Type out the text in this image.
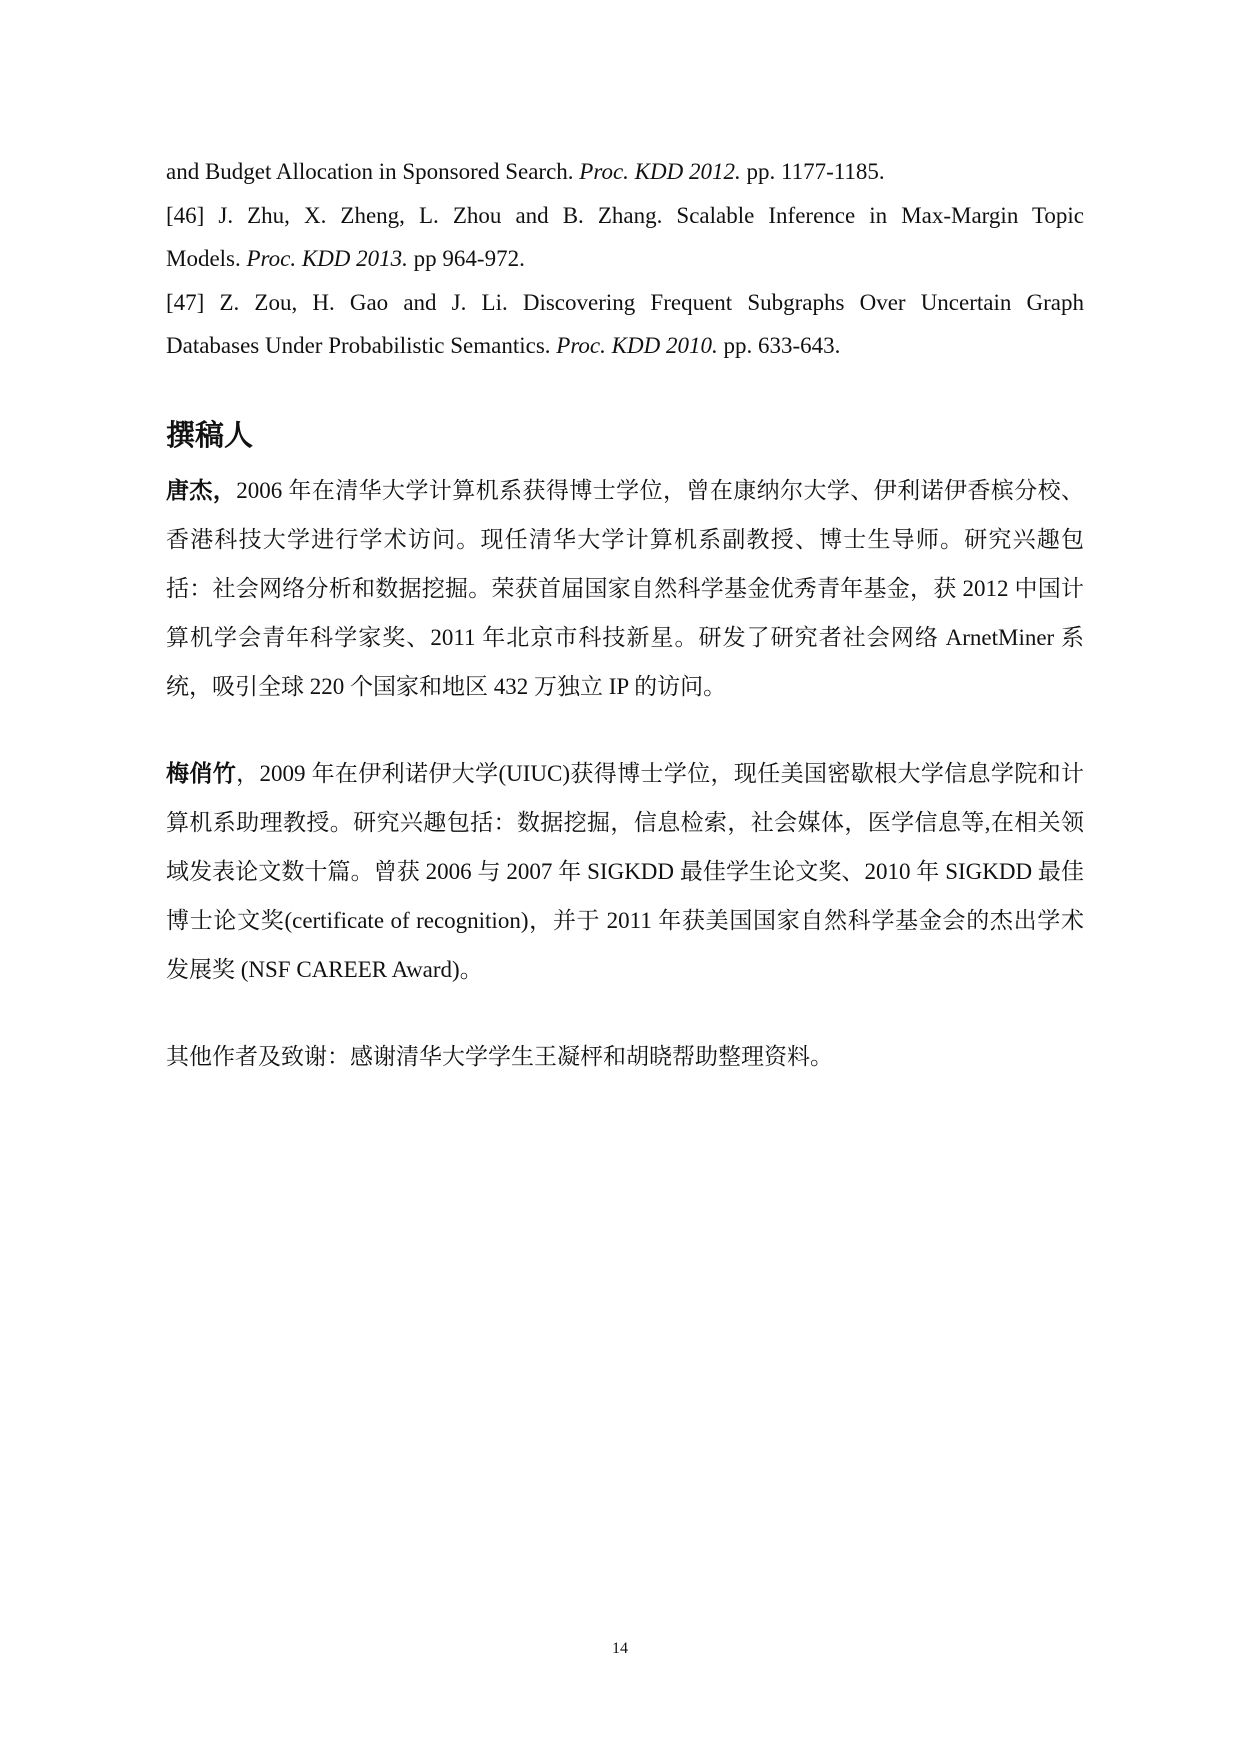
and Budget Allocation in Sponsored Search. Proc. KDD 2012. pp. 1177-1185.

[46] J. Zhu, X. Zheng, L. Zhou and B. Zhang. Scalable Inference in Max-Margin Topic

Models. Proc. KDD 2013. pp 964-972.

[47] Z. Zou, H. Gao and J. Li. Discovering Frequent Subgraphs Over Uncertain Graph

Databases Under Probabilistic Semantics. Proc. KDD 2010. pp. 633-643.

撰稿人

唐杰，2006 年在清华大学计算机系获得博士学位，曾在康纳尔大学、伊利诺伊香槟分校、香港科技大学进行学术访问。现任清华大学计算机系副教授、博士生导师。研究兴趣包括：社会网络分析和数据挖掘。荣获首届国家自然科学基金优秀青年基金，获 2012 中国计算机学会青年科学家奖、2011 年北京市科技新星。研发了研究者社会网络 ArnetMiner 系统，吸引全球 220 个国家和地区 432 万独立 IP 的访问。

梅俏竹，2009 年在伊利诺伊大学(UIUC)获得博士学位，现任美国密歇根大学信息学院和计算机系助理教授。研究兴趣包括：数据挖掘，信息检索，社会媒体，医学信息等,在相关领域发表论文数十篇。曾获 2006 与 2007 年 SIGKDD 最佳学生论文奖、2010 年 SIGKDD 最佳博士论文奖(certificate of recognition)，并于 2011 年获美国国家自然科学基金会的杰出学术发展奖 (NSF CAREER Award)。

其他作者及致谢：感谢清华大学学生王凝枰和胡晓帮助整理资料。

14
